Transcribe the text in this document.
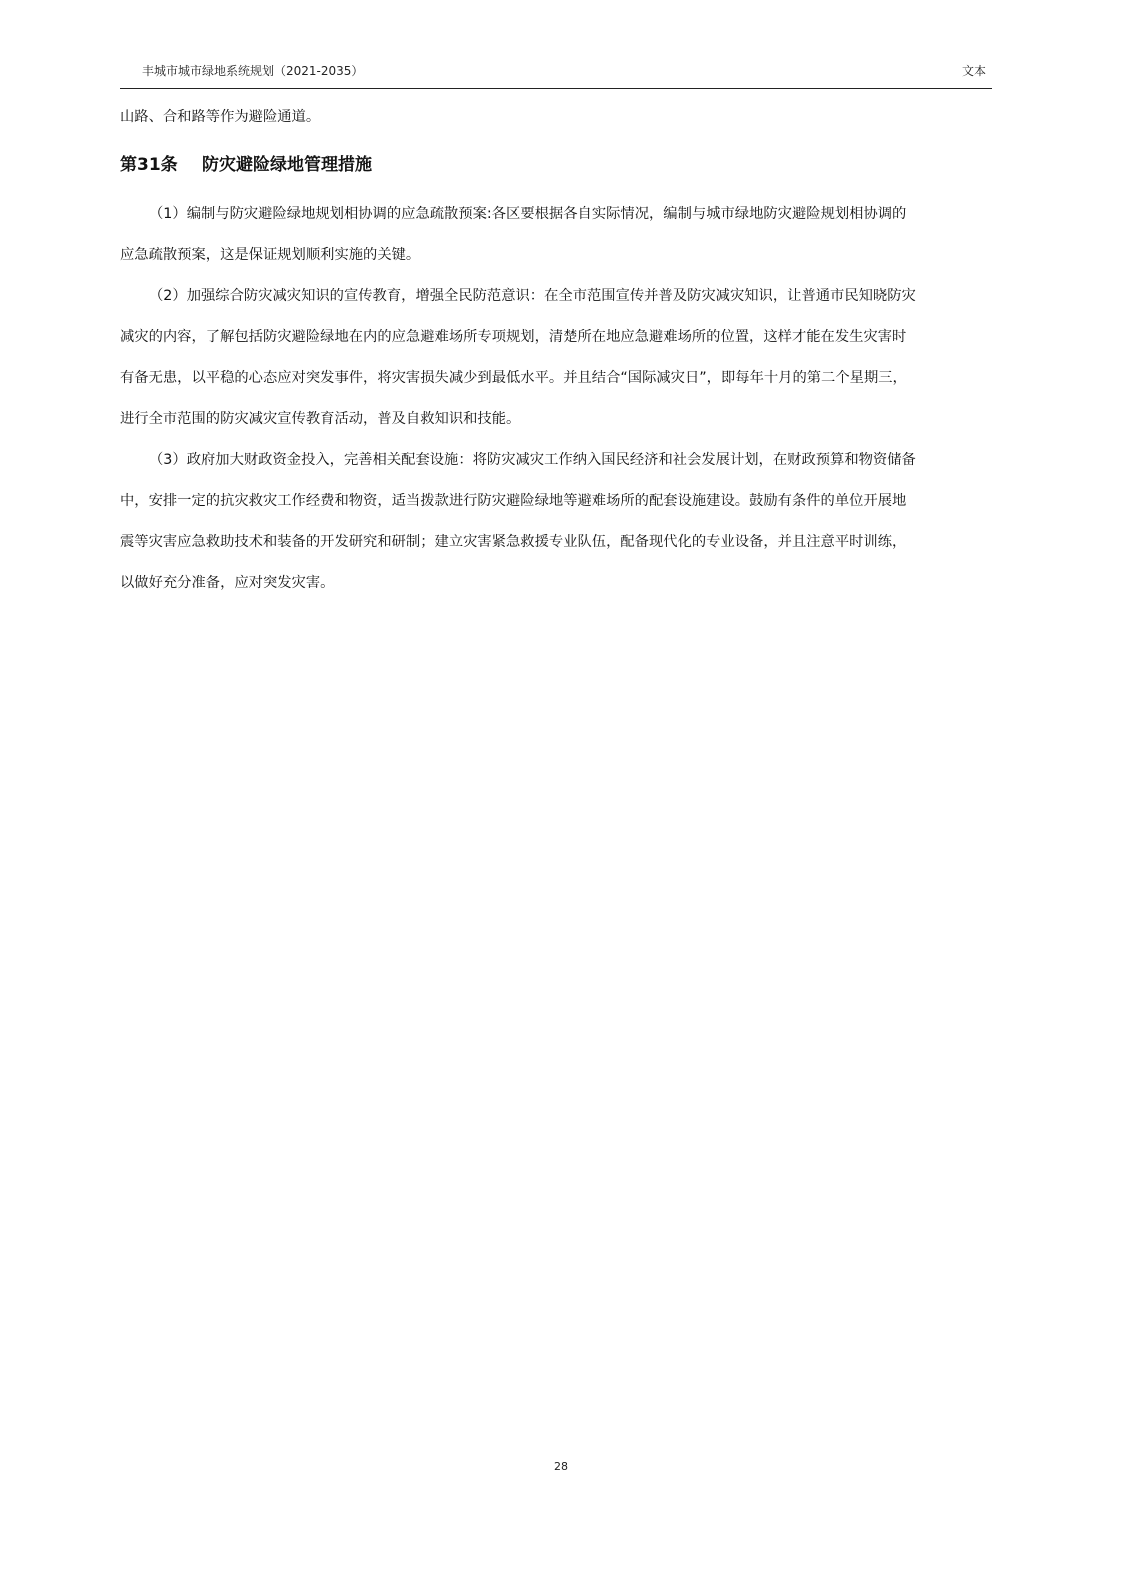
丰城市城市绿地系统规划（2021-2035）	文本
山路、合和路等作为避险通道。
第31条 防灾避险绿地管理措施
（1）编制与防灾避险绿地规划相协调的应急疏散预案:各区要根据各自实际情况，编制与城市绿地防灾避险规划相协调的
应急疏散预案，这是保证规划顺利实施的关键。
（2）加强综合防灾减灾知识的宣传教育，增强全民防范意识：在全市范围宣传并普及防灾减灾知识，让普通市民知晓防灾
减灾的内容，了解包括防灾避险绿地在内的应急避难场所专项规划，清楚所在地应急避难场所的位置，这样才能在发生灾害时
有备无患，以平稳的心态应对突发事件，将灾害损失减少到最低水平。并且结合“国际减灾日”，即每年十月的第二个星期三，
进行全市范围的防灾减灾宣传教育活动，普及自救知识和技能。
（3）政府加大财政资金投入，完善相关配套设施：将防灾减灾工作纳入国民经济和社会发展计划，在财政预算和物资储备
中，安排一定的抗灾救灾工作经费和物资，适当拨款进行防灾避险绿地等避难场所的配套设施建设。鼓励有条件的单位开展地
震等灾害应急救助技术和装备的开发研究和研制；建立灾害紧急救援专业队伍，配备现代化的专业设备，并且注意平时训练，
以做好充分准备，应对突发灾害。
28
